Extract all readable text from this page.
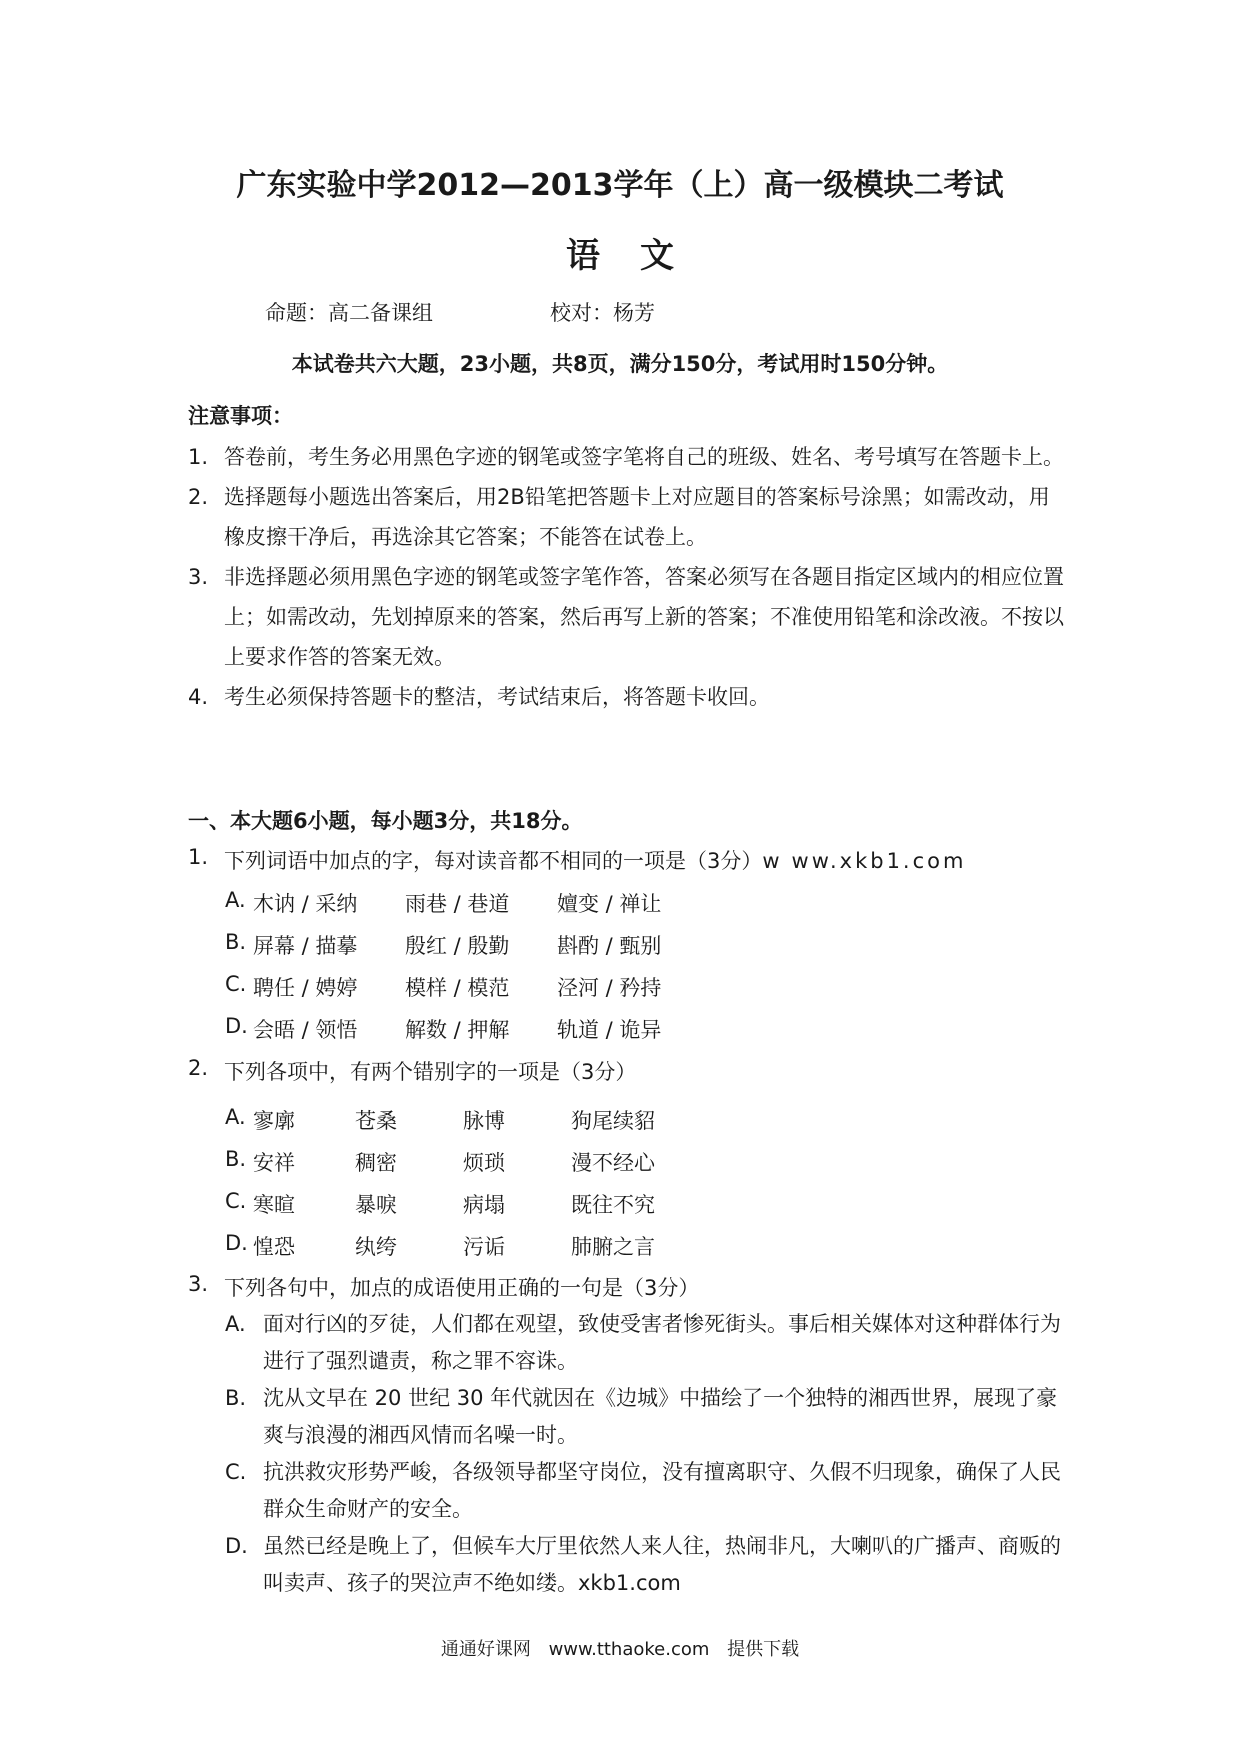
广东实验中学2012—2013学年（上）高一级模块二考试
语文
命题：高二备课组	校对：杨芳
本试卷共六大题，23小题，共8页，满分150分，考试用时150分钟。
注意事项：
1. 答卷前，考生务必用黑色字迹的钢笔或签字笔将自己的班级、姓名、考号填写在答题卡上。
2. 选择题每小题选出答案后，用2B铅笔把答题卡上对应题目的答案标号涂黑；如需改动，用橡皮擦干净后，再选涂其它答案；不能答在试卷上。
3. 非选择题必须用黑色字迹的钢笔或签字笔作答，答案必须写在各题目指定区域内的相应位置上；如需改动，先划掉原来的答案，然后再写上新的答案；不准使用铅笔和涂改液。不按以上要求作答的答案无效。
4. 考生必须保持答题卡的整洁，考试结束后，将答题卡收回。
一、本大题6小题，每小题3分，共18分。
1. 下列词语中加点的字，每对读音都不相同的一项是（3分）w ww.xkb1.com
A. 木讷 / 采纳 雨巷 / 巷道 嬗变 / 禅让
B. 屏幕 / 描摹 殷红 / 殷勤 斟酌 / 甄别
C. 聘任 / 娉婷 模样 / 模范 泾河 / 矜持
D. 会晤 / 领悟 解数 / 押解 轨道 / 诡异
2. 下列各项中，有两个错别字的一项是（3分）
A. 寥廓	苍桑	脉博	狗尾续貂
B. 安祥	稠密	烦琐	漫不经心
C. 寒暄	暴唳	病塌	既往不究
D. 惶恐	纨绔	污诟	肺腑之言
3. 下列各句中，加点的成语使用正确的一句是（3分）
A. 面对行凶的歹徒，人们都在观望，致使受害者惨死街头。事后相关媒体对这种群体行为进行了强烈谴责，称之罪不容诛。
B. 沈从文早在 20 世纪 30 年代就因在《边城》中描绘了一个独特的湘西世界，展现了豪爽与浪漫的湘西风情而名噪一时。
C. 抗洪救灾形势严峻，各级领导都坚守岗位，没有擅离职守、久假不归现象，确保了人民群众生命财产的安全。
D. 虽然已经是晚上了，但候车大厅里依然人来人往，热闹非凡，大喇叭的广播声、商贩的叫卖声、孩子的哭泣声不绝如缕。xkb1.com
通通好课网 www.tthaoke.com 提供下载
